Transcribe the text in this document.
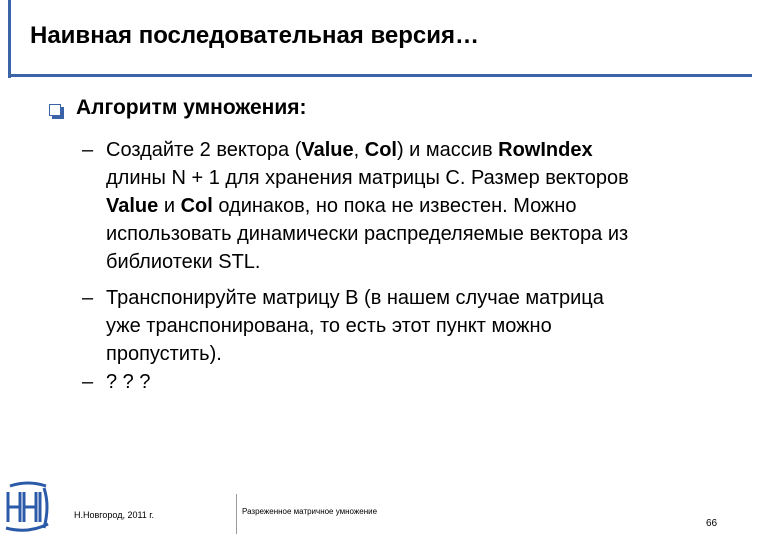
Наивная последовательная версия…
Алгоритм умножения:
– Создайте 2 вектора (Value, Col) и массив RowIndex
длины N + 1 для хранения матрицы C. Размер векторов
Value и Col одинаков, но пока не известен. Можно
использовать динамически распределяемые вектора из
библиотеки STL.
– Транспонируйте матрицу B (в нашем случае матрица
уже транспонирована, то есть этот пункт можно
пропустить).
– ? ? ?
Н.Новгород, 2011 г.	Разреженное матричное умножение
66
